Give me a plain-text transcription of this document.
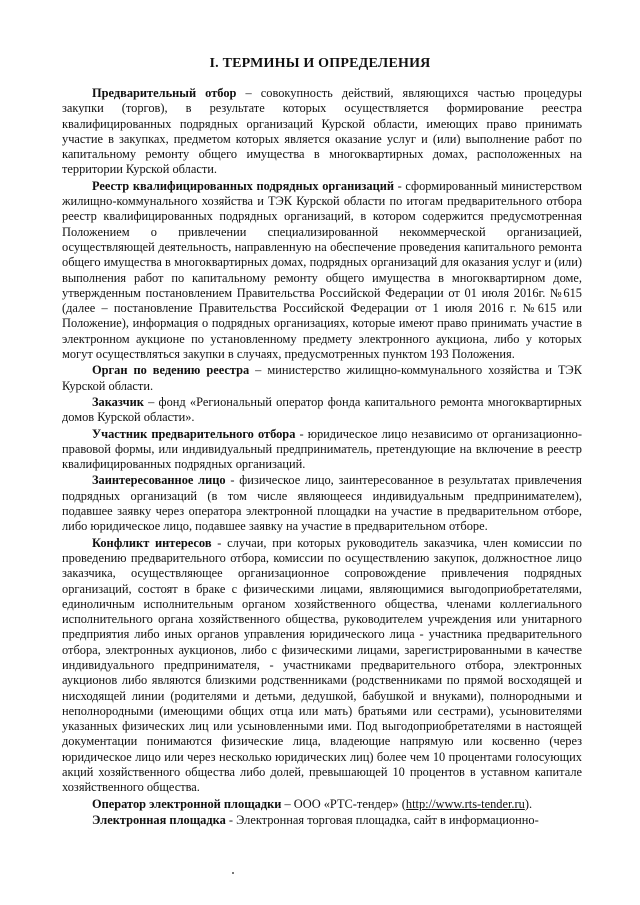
I. ТЕРМИНЫ И ОПРЕДЕЛЕНИЯ

Предварительный отбор – совокупность действий, являющихся частью процедуры закупки (торгов), в результате которых осуществляется формирование реестра квалифицированных подрядных организаций Курской области, имеющих право принимать участие в закупках, предметом которых является оказание услуг и (или) выполнение работ по капитальному ремонту общего имущества в многоквартирных домах, расположенных на территории Курской области.

Реестр квалифицированных подрядных организаций - сформированный министерством жилищно-коммунального хозяйства и ТЭК Курской области по итогам предварительного отбора реестр квалифицированных подрядных организаций, в котором содержится предусмотренная Положением о привлечении специализированной некоммерческой организацией, осуществляющей деятельность, направленную на обеспечение проведения капитального ремонта общего имущества в многоквартирных домах, подрядных организаций для оказания услуг и (или) выполнения работ по капитальному ремонту общего имущества в многоквартирном доме, утвержденным постановлением Правительства Российской Федерации от 01 июля 2016г. №615 (далее – постановление Правительства Российской Федерации от 1 июля 2016 г. №615 или Положение), информация о подрядных организациях, которые имеют право принимать участие в электронном аукционе по установленному предмету электронного аукциона, либо у которых могут осуществляться закупки в случаях, предусмотренных пунктом 193 Положения.

Орган по ведению реестра – министерство жилищно-коммунального хозяйства и ТЭК Курской области.

Заказчик – фонд «Региональный оператор фонда капитального ремонта многоквартирных домов Курской области».

Участник предварительного отбора - юридическое лицо независимо от организационно-правовой формы, или индивидуальный предприниматель, претендующие на включение в реестр квалифицированных подрядных организаций.

Заинтересованное лицо - физическое лицо, заинтересованное в результатах привлечения подрядных организаций (в том числе являющееся индивидуальным предпринимателем), подавшее заявку через оператора электронной площадки на участие в предварительном отборе, либо юридическое лицо, подавшее заявку на участие в предварительном отборе.

Конфликт интересов - случаи, при которых руководитель заказчика, член комиссии по проведению предварительного отбора, комиссии по осуществлению закупок, должностное лицо заказчика, осуществляющее организационное сопровождение привлечения подрядных организаций, состоят в браке с физическими лицами, являющимися выгодоприобретателями, единоличным исполнительным органом хозяйственного общества, членами коллегиального исполнительного органа хозяйственного общества, руководителем учреждения или унитарного предприятия либо иных органов управления юридического лица - участника предварительного отбора, электронных аукционов, либо с физическими лицами, зарегистрированными в качестве индивидуального предпринимателя, - участниками предварительного отбора, электронных аукционов либо являются близкими родственниками (родственниками по прямой восходящей и нисходящей линии (родителями и детьми, дедушкой, бабушкой и внуками), полнородными и неполнородными (имеющими общих отца или мать) братьями или сестрами), усыновителями указанных физических лиц или усыновленными ими. Под выгодоприобретателями в настоящей документации понимаются физические лица, владеющие напрямую или косвенно (через юридическое лицо или через несколько юридических лиц) более чем 10 процентами голосующих акций хозяйственного общества либо долей, превышающей 10 процентов в уставном капитале хозяйственного общества.

Оператор электронной площадки – ООО «РТС-тендер» (http://www.rts-tender.ru).

Электронная площадка - Электронная торговая площадка, сайт в информационно-
